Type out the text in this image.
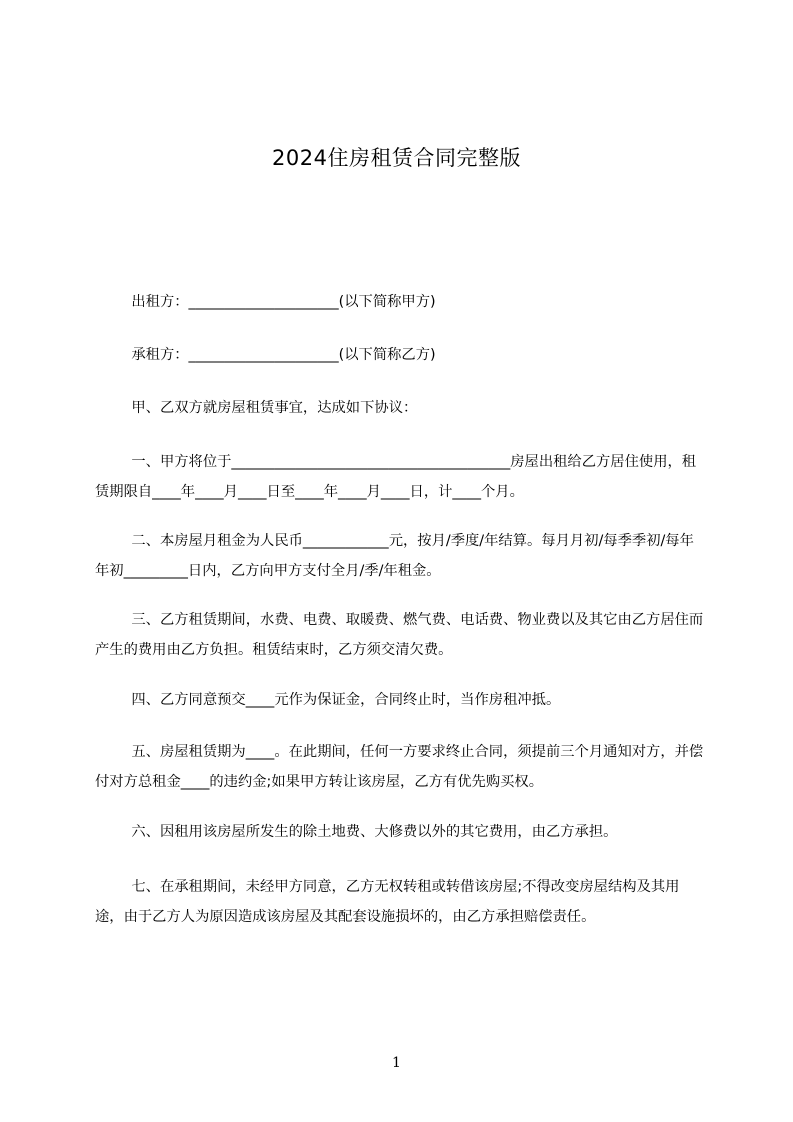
2024住房租赁合同完整版

出租方：_____________________(以下简称甲方)

承租方：_____________________(以下简称乙方)

甲、乙双方就房屋租赁事宜，达成如下协议：

一、甲方将位于_______________________________________房屋出租给乙方居住使用，租赁期限自____年____月____日至____年____月____日，计____个月。

二、本房屋月租金为人民币____________元，按月/季度/年结算。每月月初/每季季初/每年年初_________日内，乙方向甲方支付全月/季/年租金。

三、乙方租赁期间，水费、电费、取暖费、燃气费、电话费、物业费以及其它由乙方居住而产生的费用由乙方负担。租赁结束时，乙方须交清欠费。

四、乙方同意预交____元作为保证金，合同终止时，当作房租冲抵。

五、房屋租赁期为____。在此期间，任何一方要求终止合同，须提前三个月通知对方，并偿付对方总租金____的违约金;如果甲方转让该房屋，乙方有优先购买权。

六、因租用该房屋所发生的除土地费、大修费以外的其它费用，由乙方承担。

七、在承租期间，未经甲方同意，乙方无权转租或转借该房屋;不得改变房屋结构及其用途，由于乙方人为原因造成该房屋及其配套设施损坏的，由乙方承担赔偿责任。

1
